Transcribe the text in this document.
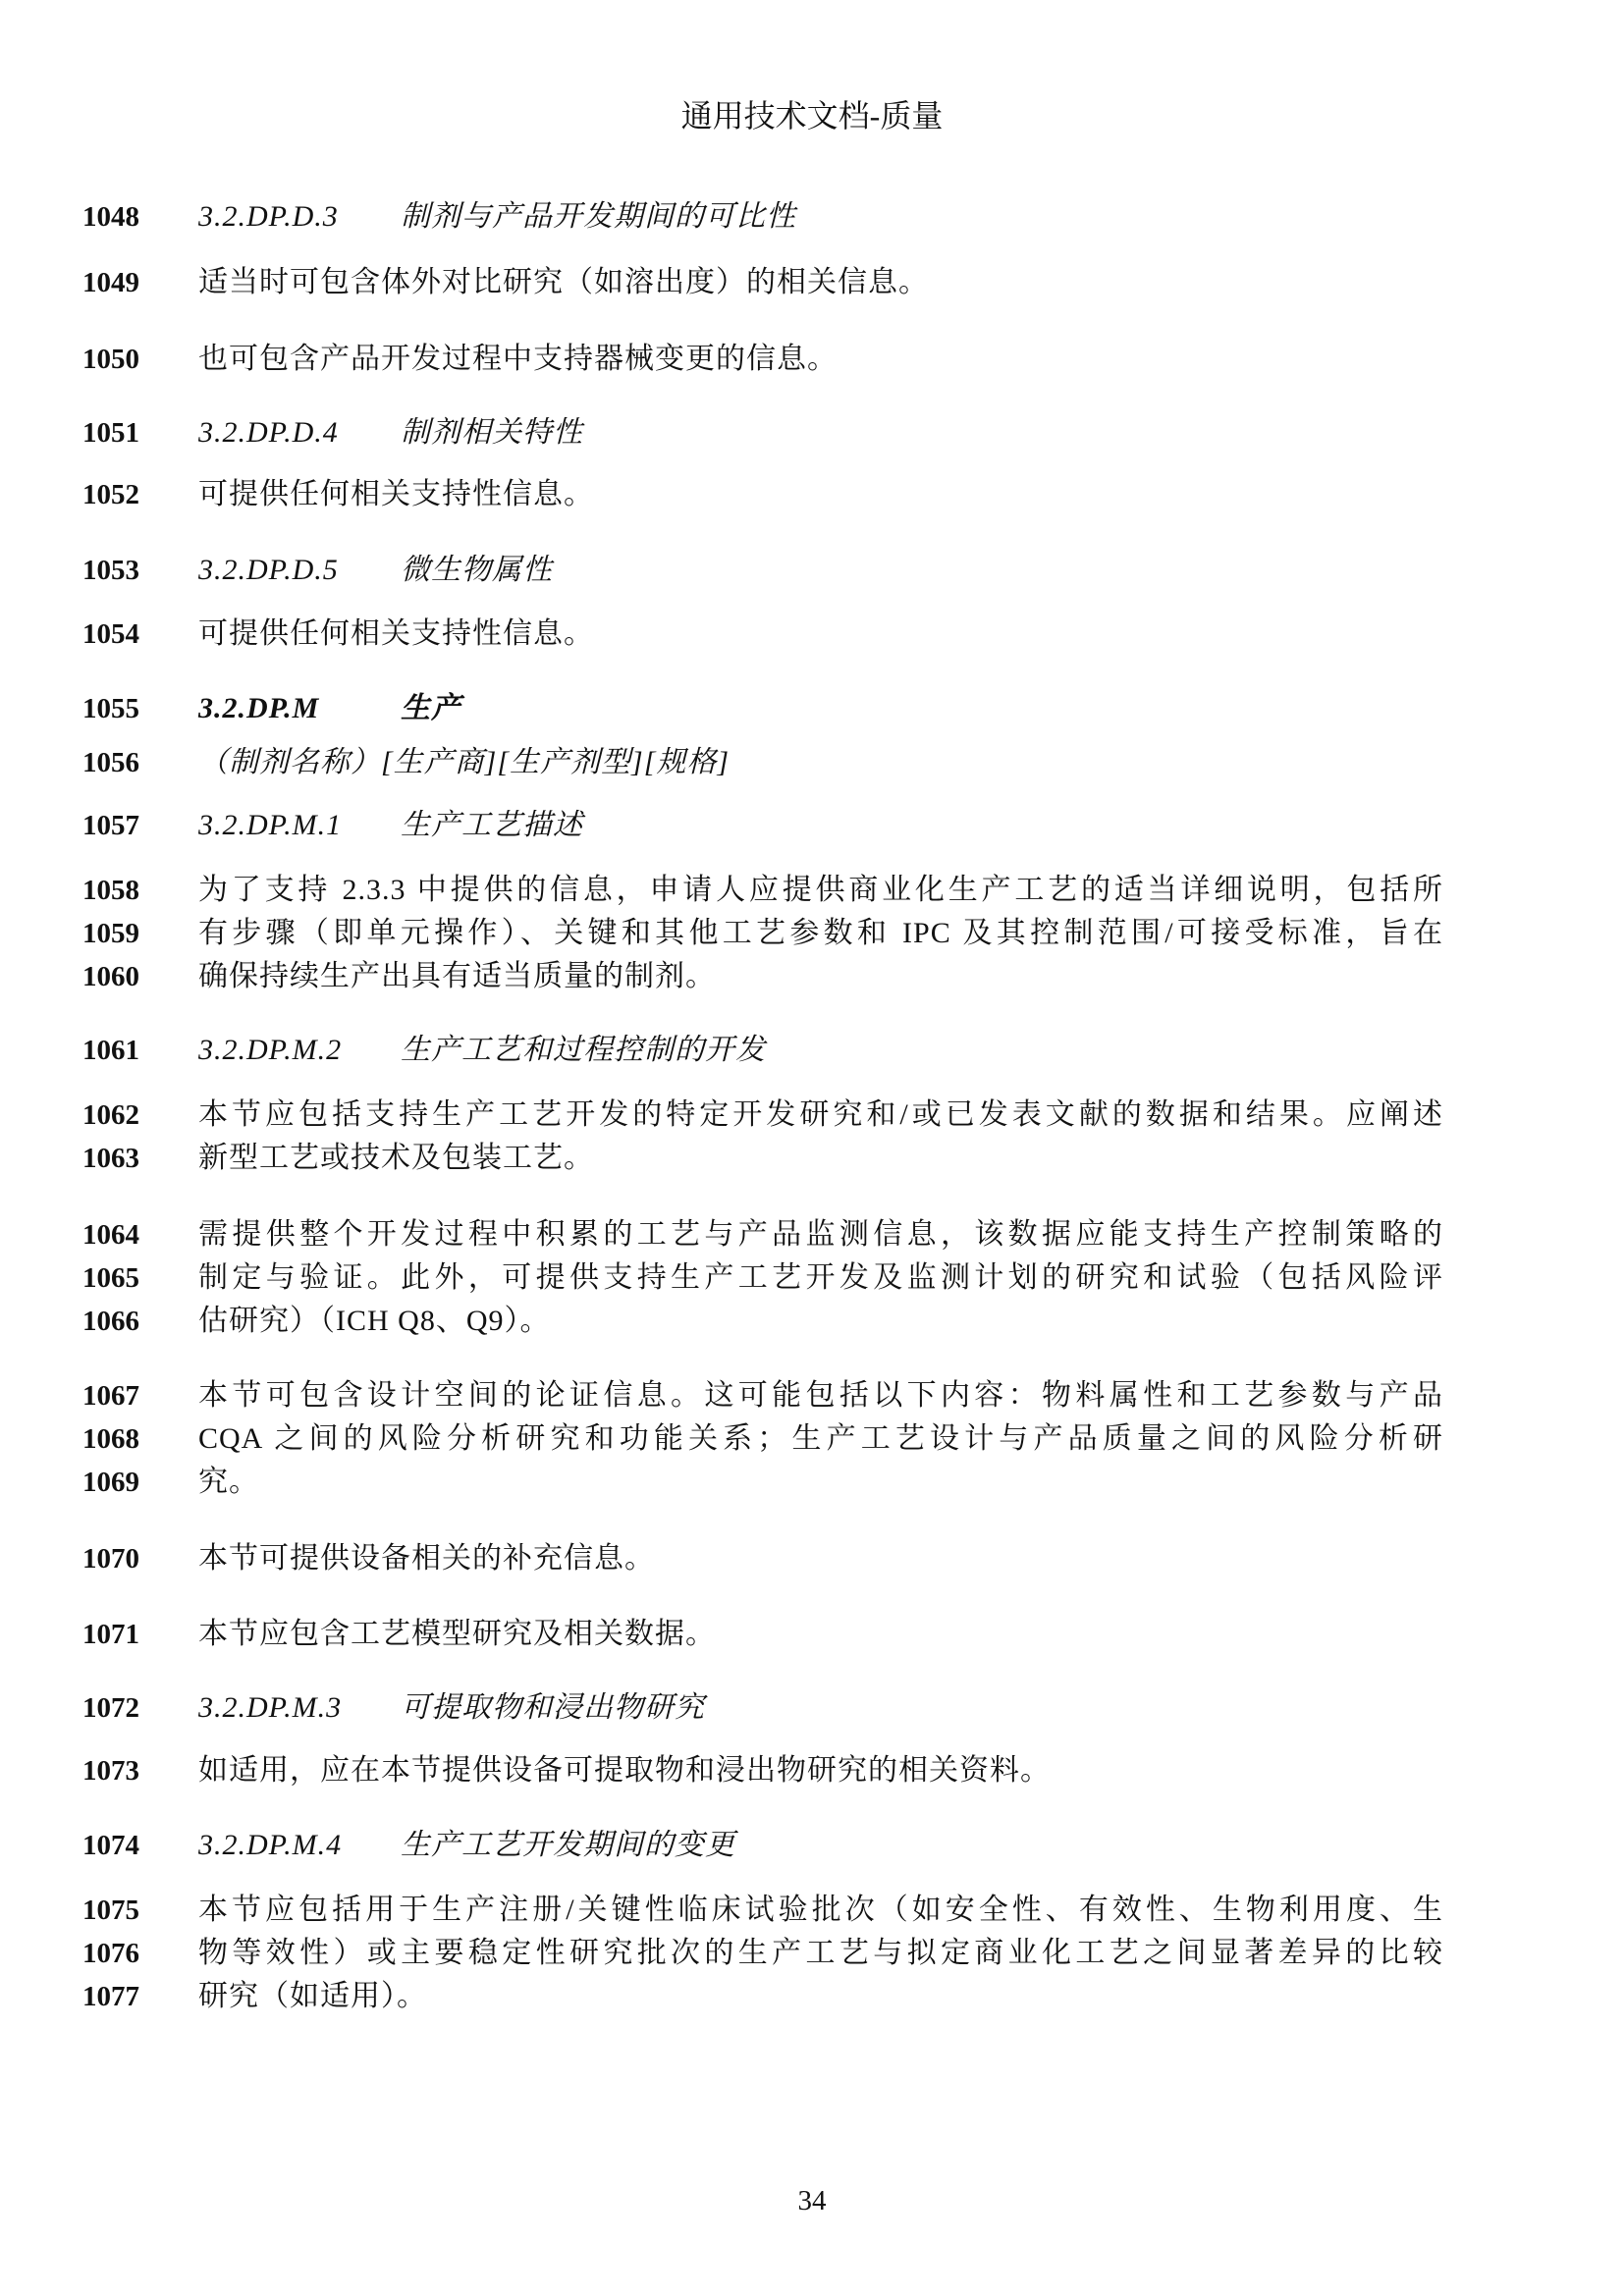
通用技术文档-质量
1048 3.2.DP.D.3 制剂与产品开发期间的可比性
1049 适当时可包含体外对比研究（如溶出度）的相关信息。
1050 也可包含产品开发过程中支持器械变更的信息。
1051 3.2.DP.D.4 制剂相关特性
1052 可提供任何相关支持性信息。
1053 3.2.DP.D.5 微生物属性
1054 可提供任何相关支持性信息。
1055 3.2.DP.M	生产
1056 （制剂名称）[生产商][生产剂型][规格]
1057 3.2.DP.M.1 生产工艺描述
1058 为了支持 2.3.3 中提供的信息，申请人应提供商业化生产工艺的适当详细说明，包括所
1059 有步骤（即单元操作）、关键和其他工艺参数和 IPC 及其控制范围/可接受标准，旨在
1060 确保持续生产出具有适当质量的制剂。
1061 3.2.DP.M.2 生产工艺和过程控制的开发
1062 本节应包括支持生产工艺开发的特定开发研究和/或已发表文献的数据和结果。应阐述
1063 新型工艺或技术及包装工艺。
1064 需提供整个开发过程中积累的工艺与产品监测信息，该数据应能支持生产控制策略的
1065 制定与验证。此外，可提供支持生产工艺开发及监测计划的研究和试验（包括风险评
1066 估研究）（ICH Q8、Q9）。
1067 本节可包含设计空间的论证信息。这可能包括以下内容：物料属性和工艺参数与产品
1068 CQA 之间的风险分析研究和功能关系；生产工艺设计与产品质量之间的风险分析研
1069 究。
1070 本节可提供设备相关的补充信息。
1071 本节应包含工艺模型研究及相关数据。
1072 3.2.DP.M.3 可提取物和浸出物研究
1073 如适用，应在本节提供设备可提取物和浸出物研究的相关资料。
1074 3.2.DP.M.4 生产工艺开发期间的变更
1075 本节应包括用于生产注册/关键性临床试验批次（如安全性、有效性、生物利用度、生
1076 物等效性）或主要稳定性研究批次的生产工艺与拟定商业化工艺之间显著差异的比较
1077 研究（如适用）。
34
